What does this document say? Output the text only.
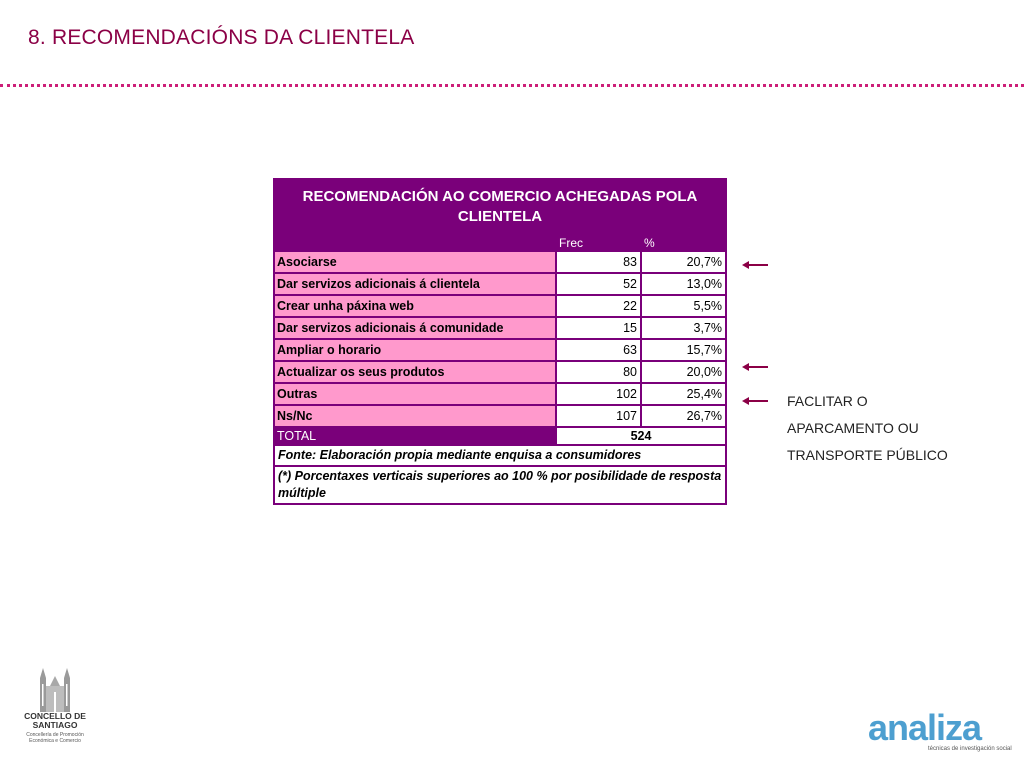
8. RECOMENDACIÓNS DA CLIENTELA
RECOMENDACIÓN AO COMERCIO ACHEGADAS POLA CLIENTELA		
	Frec	%
Asociarse	83	20,7%
Dar servizos adicionais á clientela	52	13,0%
Crear unha páxina web	22	5,5%
Dar servizos adicionais á comunidade	15	3,7%
Ampliar o horario	63	15,7%
Actualizar os seus produtos	80	20,0%
Outras	102	25,4%
Ns/Nc	107	26,7%
TOTAL	524	
Fonte: Elaboración propia mediante enquisa a consumidores		
(*) Porcentaxes verticais superiores ao 100 % por posibilidade de resposta múltiple		
FACLITAR O
APARCAMENTO OU
TRANSPORTE PÚBLICO
CONCELLO DE SANTIAGO
Concellería de Promoción Económica e Comercio	analiza
técnicas de investigación social
